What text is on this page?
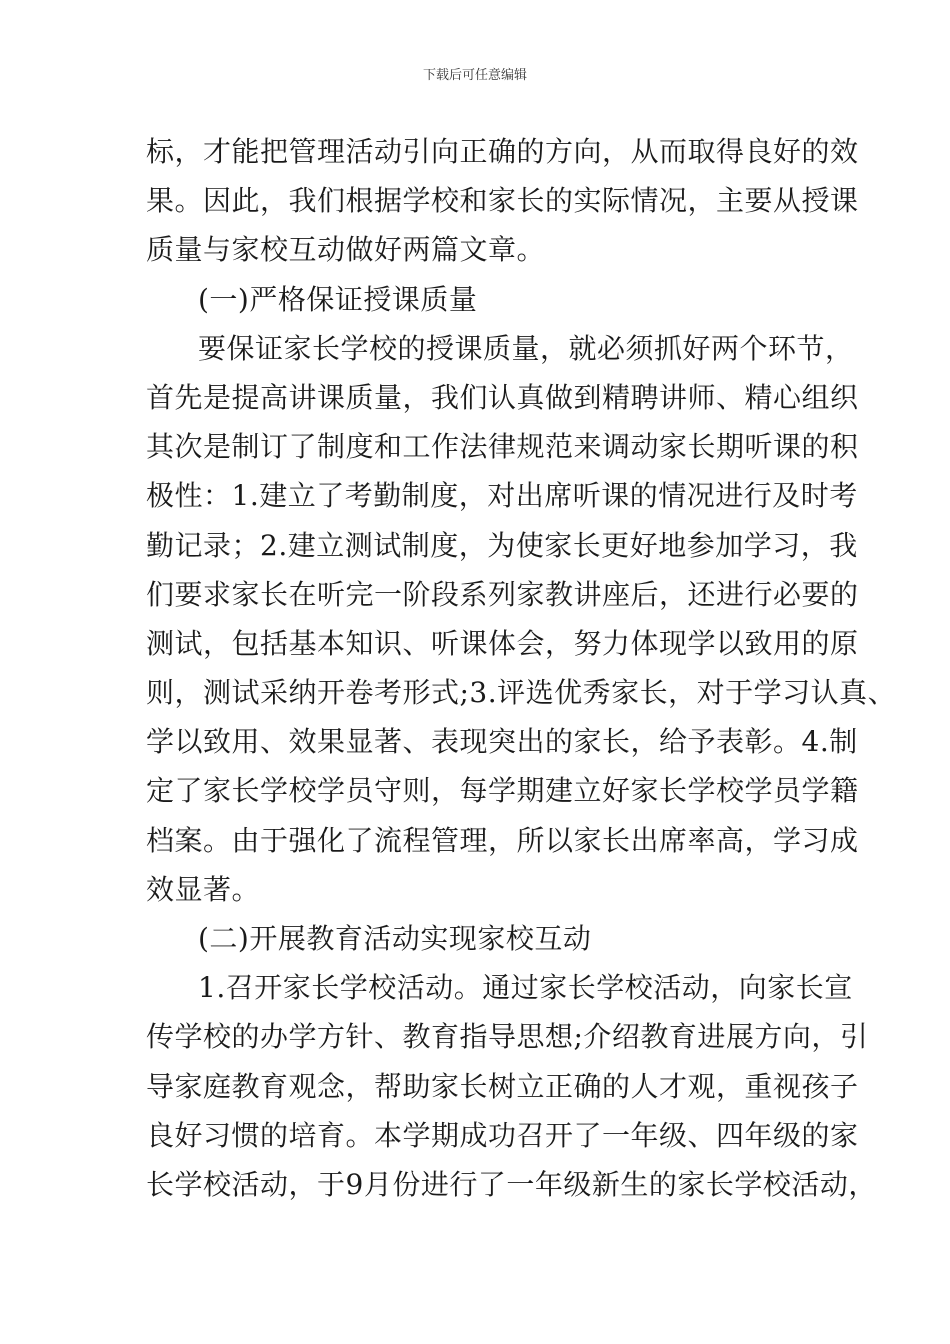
下载后可任意编辑
标，才能把管理活动引向正确的方向，从而取得良好的效
果。因此，我们根据学校和家长的实际情况，主要从授课
质量与家校互动做好两篇文章。
(一)严格保证授课质量
要保证家长学校的授课质量，就必须抓好两个环节，
首先是提高讲课质量，我们认真做到精聘讲师、精心组织
其次是制订了制度和工作法律规范来调动家长期听课的积
极性：1.建立了考勤制度，对出席听课的情况进行及时考
勤记录；2.建立测试制度，为使家长更好地参加学习，我
们要求家长在听完一阶段系列家教讲座后，还进行必要的
测试，包括基本知识、听课体会，努力体现学以致用的原
则，测试采纳开卷考形式;3.评选优秀家长，对于学习认真、
学以致用、效果显著、表现突出的家长，给予表彰。4.制
定了家长学校学员守则，每学期建立好家长学校学员学籍
档案。由于强化了流程管理，所以家长出席率高，学习成
效显著。
(二)开展教育活动实现家校互动
1.召开家长学校活动。通过家长学校活动，向家长宣
传学校的办学方针、教育指导思想;介绍教育进展方向，引
导家庭教育观念，帮助家长树立正确的人才观，重视孩子
良好习惯的培育。本学期成功召开了一年级、四年级的家
长学校活动，于9月份进行了一年级新生的家长学校活动，
